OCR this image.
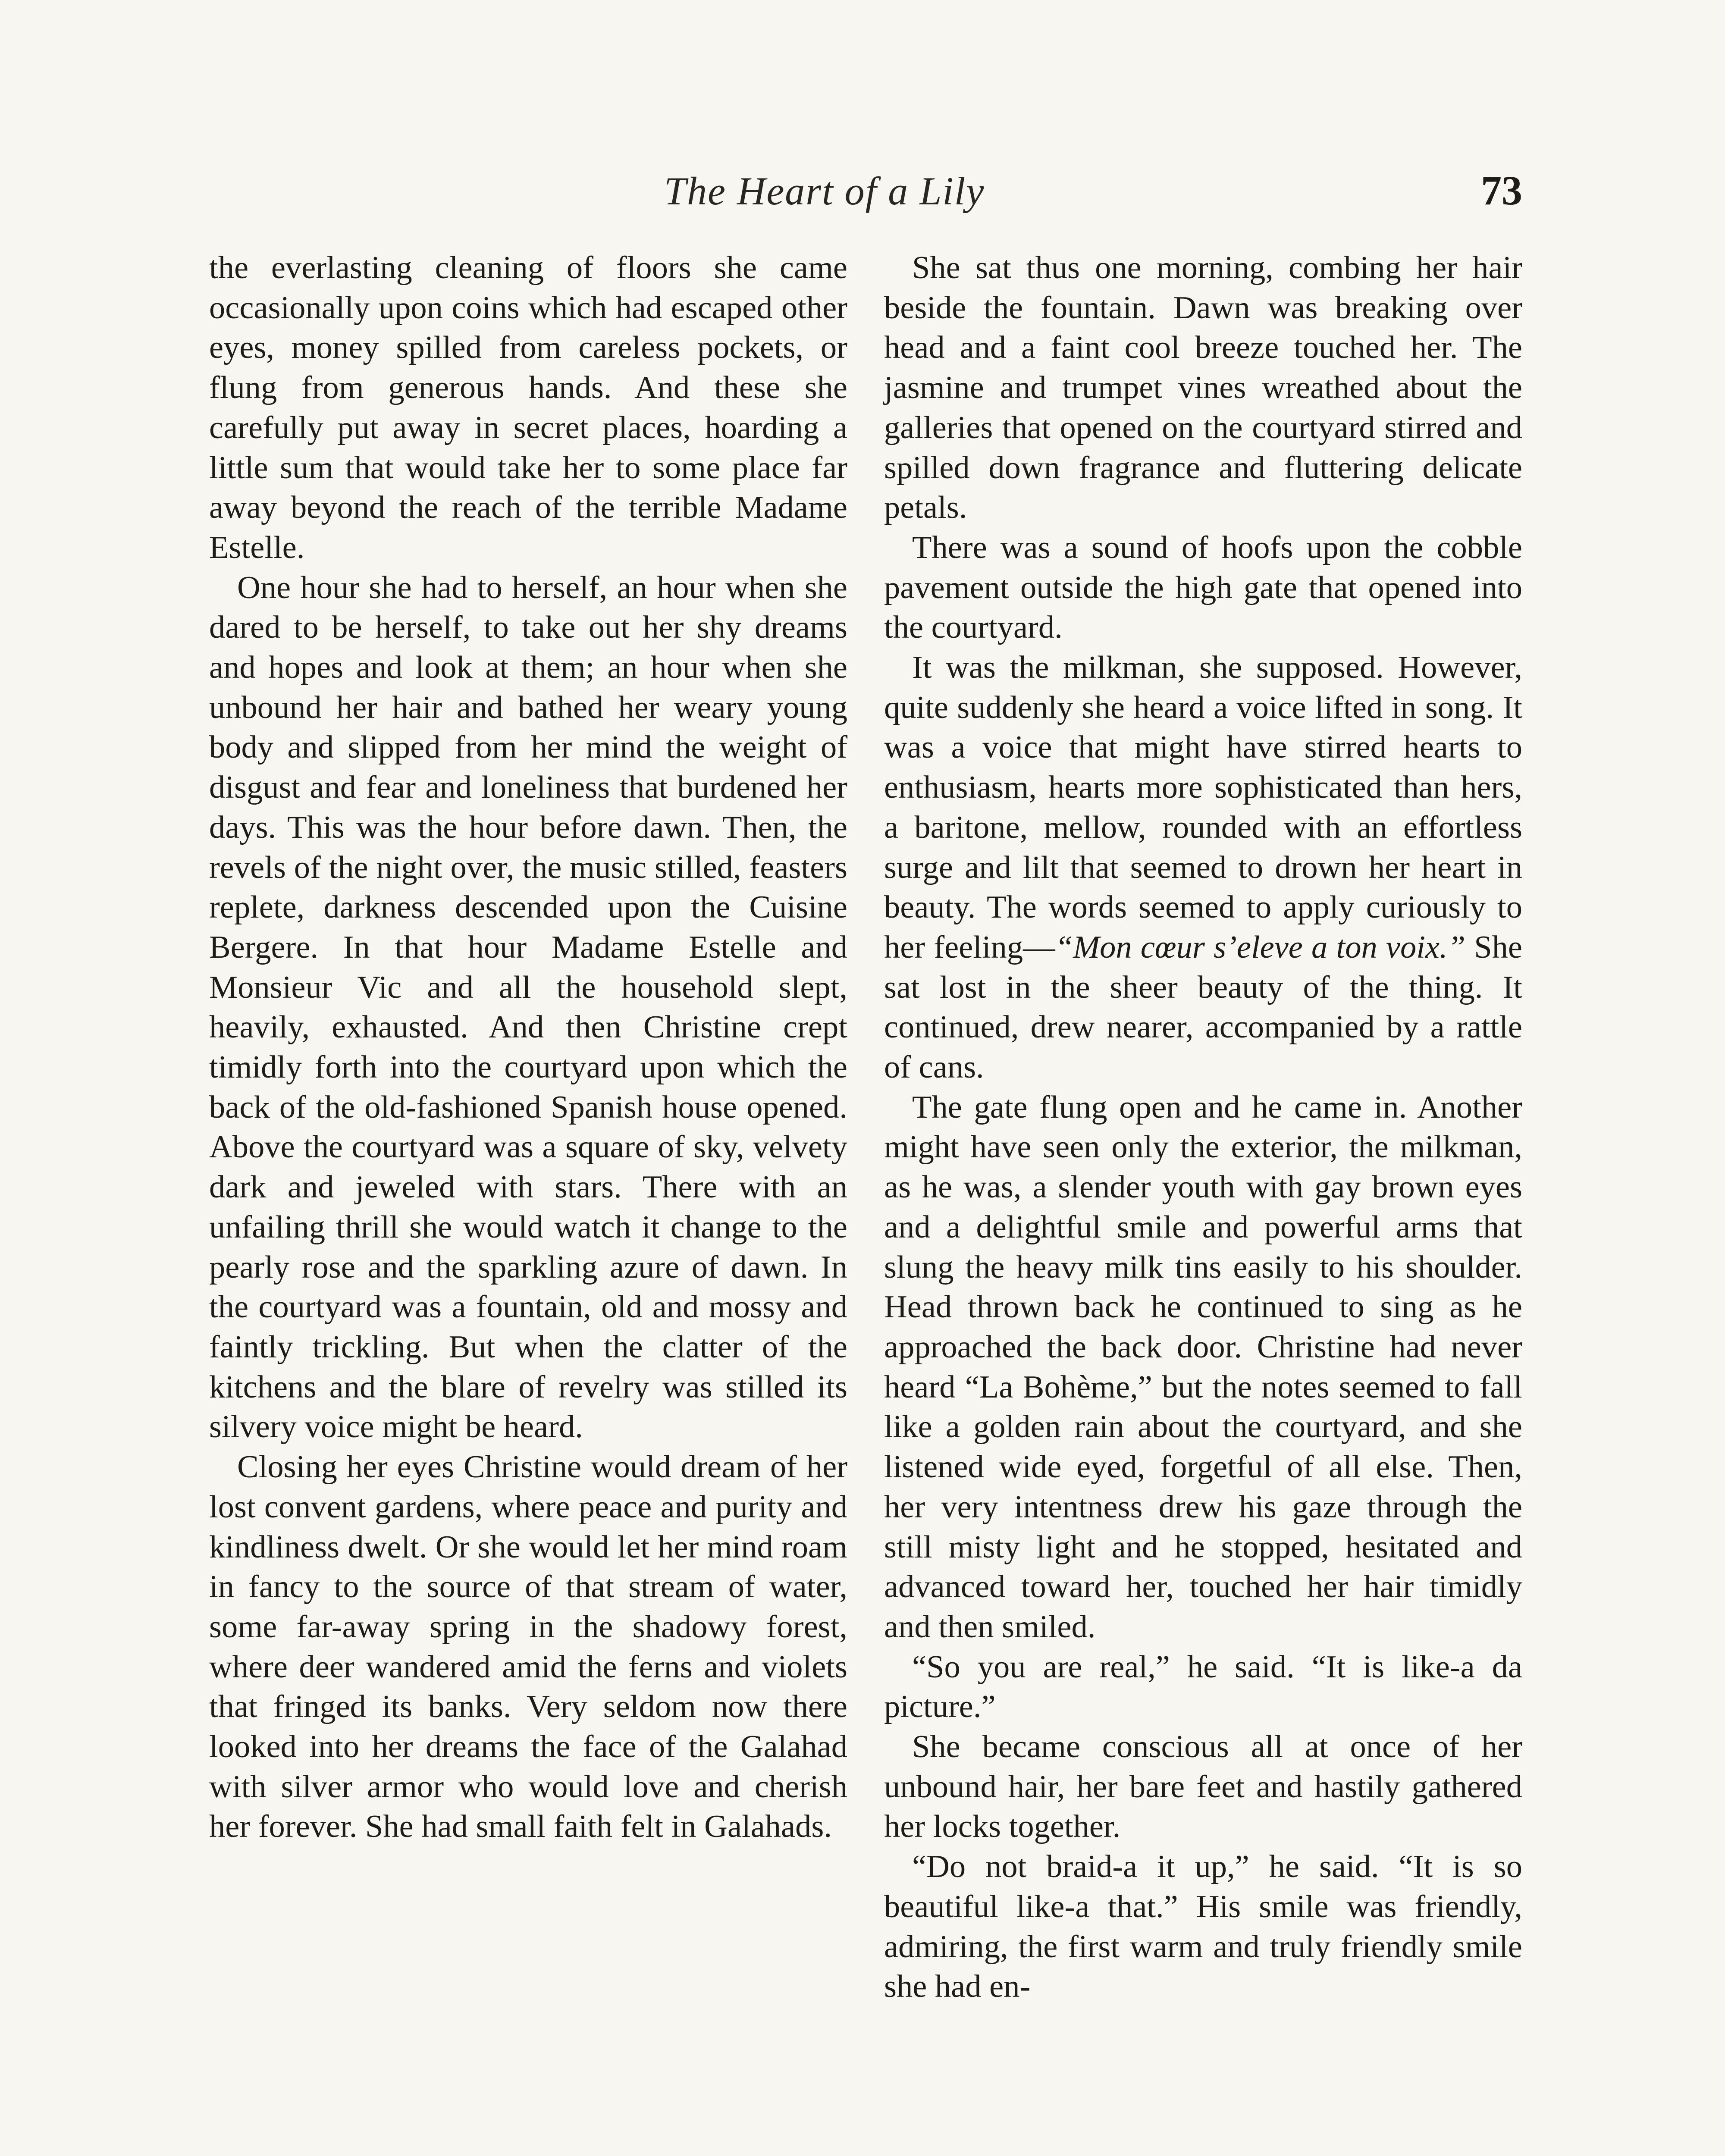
The Heart of a Lily	73

the everlasting cleaning of floors she came occasionally upon coins which had escaped other eyes, money spilled from careless pockets, or flung from generous hands. And these she carefully put away in secret places, hoarding a little sum that would take her to some place far away beyond the reach of the terrible Madame Estelle.

One hour she had to herself, an hour when she dared to be herself, to take out her shy dreams and hopes and look at them; an hour when she unbound her hair and bathed her weary young body and slipped from her mind the weight of disgust and fear and loneliness that burdened her days. This was the hour before dawn. Then, the revels of the night over, the music stilled, feasters replete, darkness descended upon the Cuisine Bergere. In that hour Madame Estelle and Monsieur Vic and all the household slept, heavily, exhausted. And then Christine crept timidly forth into the courtyard upon which the back of the old-fashioned Spanish house opened. Above the courtyard was a square of sky, velvety dark and jeweled with stars. There with an unfailing thrill she would watch it change to the pearly rose and the sparkling azure of dawn. In the courtyard was a fountain, old and mossy and faintly trickling. But when the clatter of the kitchens and the blare of revelry was stilled its silvery voice might be heard.

Closing her eyes Christine would dream of her lost convent gardens, where peace and purity and kindliness dwelt. Or she would let her mind roam in fancy to the source of that stream of water, some far-away spring in the shadowy forest, where deer wandered amid the ferns and violets that fringed its banks. Very seldom now there looked into her dreams the face of the Galahad with silver armor who would love and cherish her forever. She had small faith felt in Galahads.

She sat thus one morning, combing her hair beside the fountain. Dawn was breaking over head and a faint cool breeze touched her. The jasmine and trumpet vines wreathed about the galleries that opened on the courtyard stirred and spilled down fragrance and fluttering delicate petals.

There was a sound of hoofs upon the cobble pavement outside the high gate that opened into the courtyard.

It was the milkman, she supposed. However, quite suddenly she heard a voice lifted in song. It was a voice that might have stirred hearts to enthusiasm, hearts more sophisticated than hers, a baritone, mellow, rounded with an effortless surge and lilt that seemed to drown her heart in beauty. The words seemed to apply curiously to her feeling—“Mon cœur s’eleve a ton voix.” She sat lost in the sheer beauty of the thing. It continued, drew nearer, accompanied by a rattle of cans.

The gate flung open and he came in. Another might have seen only the exterior, the milkman, as he was, a slender youth with gay brown eyes and a delightful smile and powerful arms that slung the heavy milk tins easily to his shoulder. Head thrown back he continued to sing as he approached the back door. Christine had never heard “La Bohème,” but the notes seemed to fall like a golden rain about the courtyard, and she listened wide eyed, forgetful of all else. Then, her very intentness drew his gaze through the still misty light and he stopped, hesitated and advanced toward her, touched her hair timidly and then smiled.

“So you are real,” he said. “It is like-a da picture.”

She became conscious all at once of her unbound hair, her bare feet and hastily gathered her locks together.

“Do not braid-a it up,” he said. “It is so beautiful like-a that.” His smile was friendly, admiring, the first warm and truly friendly smile she had en-
